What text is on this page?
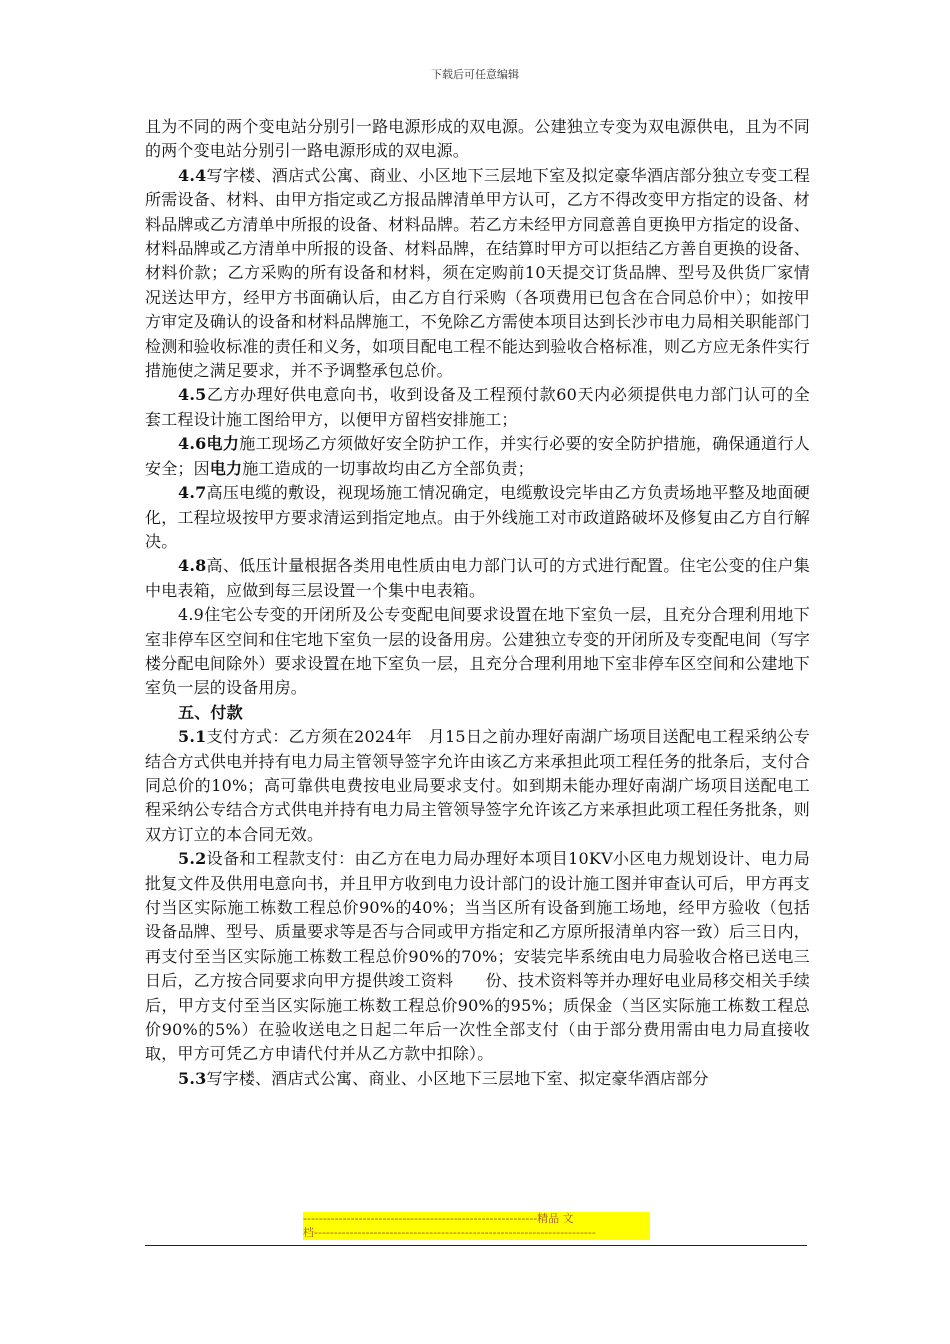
下载后可任意编辑

且为不同的两个变电站分别引一路电源形成的双电源。公建独立专变为双电源供电，且为不同的两个变电站分别引一路电源形成的双电源。

4.4写字楼、酒店式公寓、商业、小区地下三层地下室及拟定豪华酒店部分独立专变工程所需设备、材料、由甲方指定或乙方报品牌清单甲方认可，乙方不得改变甲方指定的设备、材料品牌或乙方清单中所报的设备、材料品牌。若乙方未经甲方同意善自更换甲方指定的设备、材料品牌或乙方清单中所报的设备、材料品牌，在结算时甲方可以拒结乙方善自更换的设备、材料价款；乙方采购的所有设备和材料，须在定购前10天提交订货品牌、型号及供货厂家情况送达甲方，经甲方书面确认后，由乙方自行采购（各项费用已包含在合同总价中）；如按甲方审定及确认的设备和材料品牌施工，不免除乙方需使本项目达到长沙市电力局相关职能部门检测和验收标准的责任和义务，如项目配电工程不能达到验收合格标准，则乙方应无条件实行措施使之满足要求，并不予调整承包总价。

4.5乙方办理好供电意向书，收到设备及工程预付款60天内必须提供电力部门认可的全套工程设计施工图给甲方，以便甲方留档安排施工；

4.6电力施工现场乙方须做好安全防护工作，并实行必要的安全防护措施，确保通道行人安全；因电力施工造成的一切事故均由乙方全部负责；

4.7高压电缆的敷设，视现场施工情况确定，电缆敷设完毕由乙方负责场地平整及地面硬化，工程垃圾按甲方要求清运到指定地点。由于外线施工对市政道路破坏及修复由乙方自行解决。

4.8高、低压计量根据各类用电性质由电力部门认可的方式进行配置。住宅公变的住户集中电表箱，应做到每三层设置一个集中电表箱。

4.9住宅公专变的开闭所及公专变配电间要求设置在地下室负一层，且充分合理利用地下室非停车区空间和住宅地下室负一层的设备用房。公建独立专变的开闭所及专变配电间（写字楼分配电间除外）要求设置在地下室负一层，且充分合理利用地下室非停车区空间和公建地下室负一层的设备用房。

五、付款

5.1支付方式：乙方须在2024年　月15日之前办理好南湖广场项目送配电工程采纳公专结合方式供电并持有电力局主管领导签字允许由该乙方来承担此项工程任务的批条后，支付合同总价的10%；高可靠供电费按电业局要求支付。如到期未能办理好南湖广场项目送配电工程采纳公专结合方式供电并持有电力局主管领导签字允许该乙方来承担此项工程任务批条，则双方订立的本合同无效。

5.2设备和工程款支付：由乙方在电力局办理好本项目10KV小区电力规划设计、电力局批复文件及供用电意向书，并且甲方收到电力设计部门的设计施工图并审查认可后，甲方再支付当区实际施工栋数工程总价90%的40%；当当区所有设备到施工场地，经甲方验收（包括设备品牌、型号、质量要求等是否与合同或甲方指定和乙方原所报清单内容一致）后三日内，再支付至当区实际施工栋数工程总价90%的70%；安装完毕系统由电力局验收合格已送电三日后，乙方按合同要求向甲方提供竣工资料　　份、技术资料等并办理好电业局移交相关手续后，甲方支付至当区实际施工栋数工程总价90%的95%；质保金（当区实际施工栋数工程总价90%的5%）在验收送电之日起二年后一次性全部支付（由于部分费用需由电力局直接收取，甲方可凭乙方申请代付并从乙方款中扣除）。

5.3写字楼、酒店式公寓、商业、小区地下三层地下室、拟定豪华酒店部分

-----------------------------------------------------------精品 文
档-----------------------------------------------------------------------
